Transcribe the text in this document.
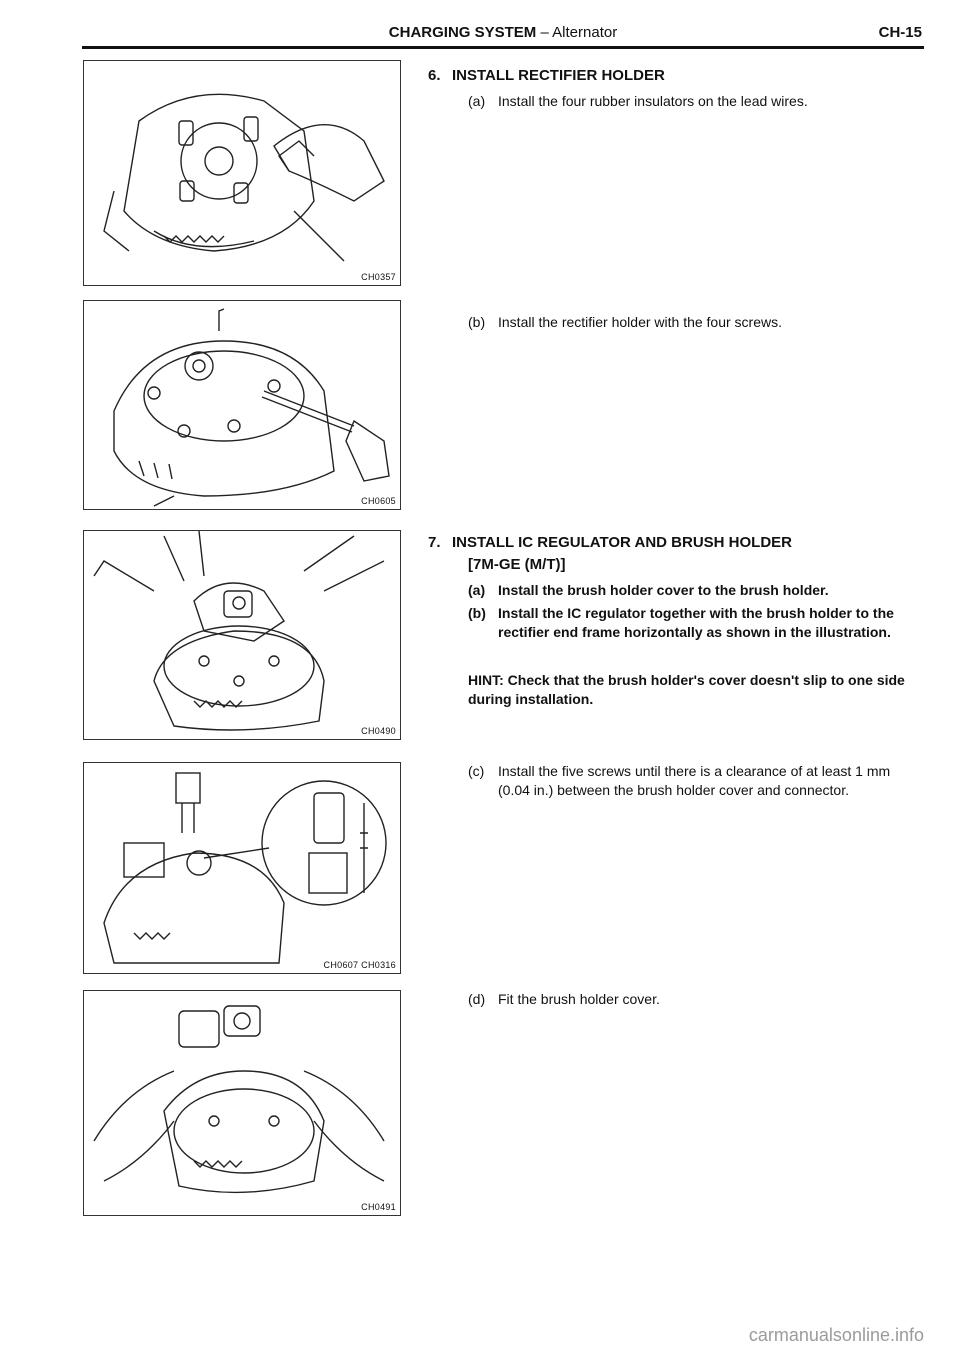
CHARGING SYSTEM – Alternator	CH-15
CH0357
CH0605
CH0490
CH0607 CH0316
CH0491
6. INSTALL RECTIFIER HOLDER
(a) Install the four rubber insulators on the lead wires.
(b) Install the rectifier holder with the four screws.
7. INSTALL IC REGULATOR AND BRUSH HOLDER
[7M-GE (M/T)]
(a) Install the brush holder cover to the brush holder.
(b) Install the IC regulator together with the brush holder to the rectifier end frame horizontally as shown in the illustration.
HINT: Check that the brush holder's cover doesn't slip to one side during installation.
(c) Install the five screws until there is a clearance of at least 1 mm (0.04 in.) between the brush holder cover and connector.
(d) Fit the brush holder cover.
carmanualsonline.info
